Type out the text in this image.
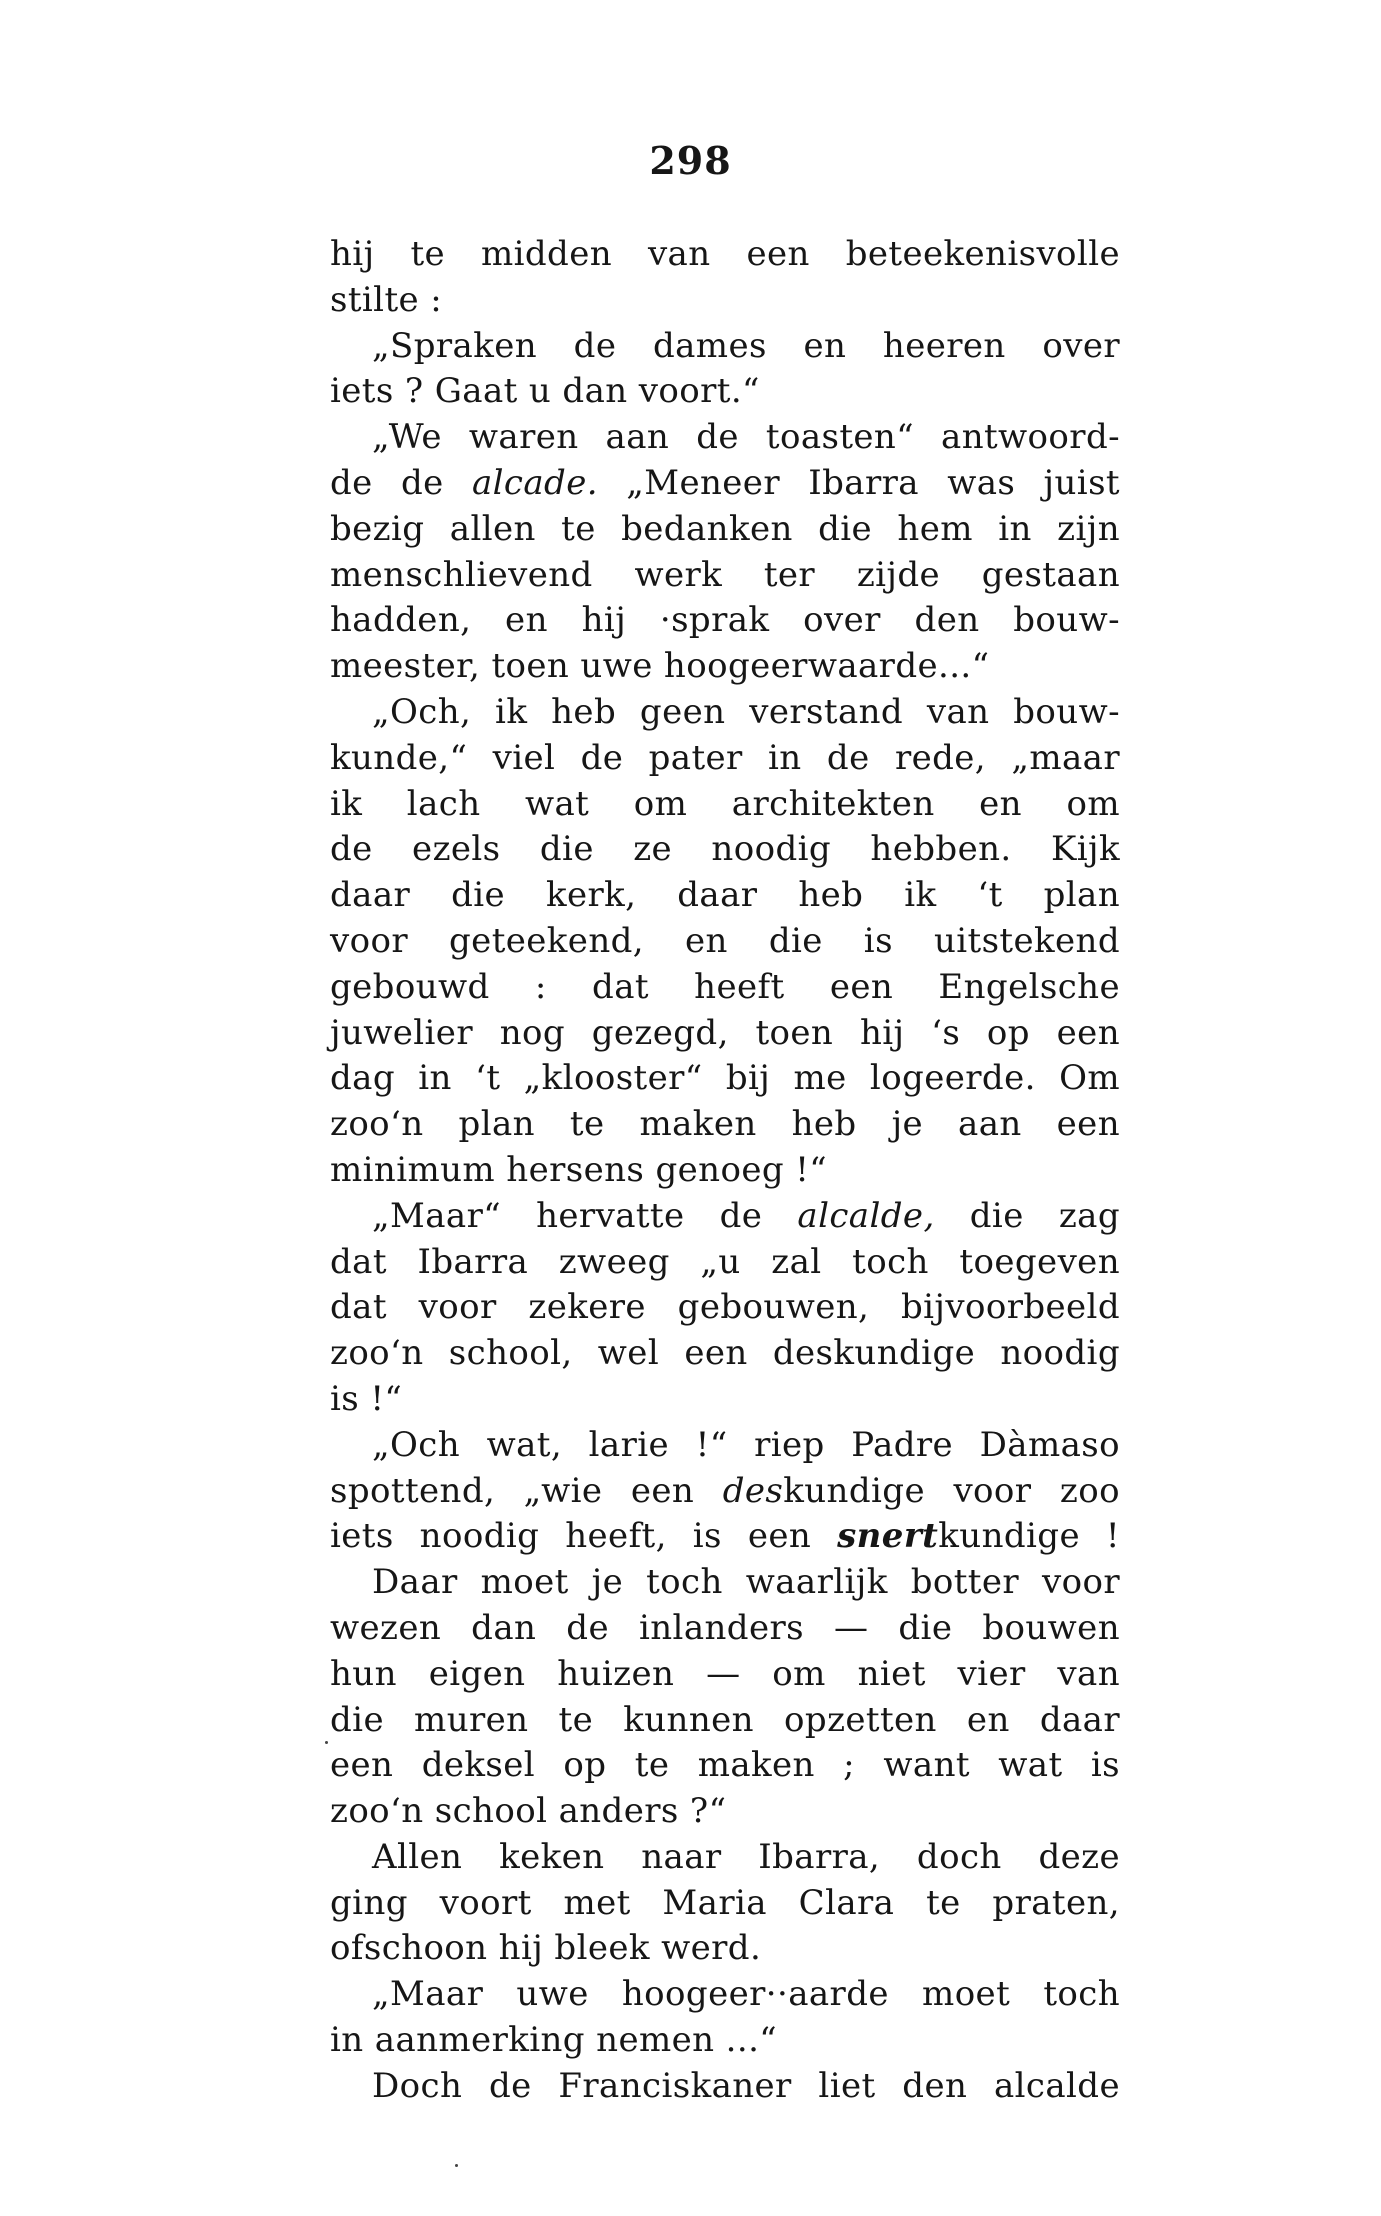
298
hij te midden van een beteekenisvolle
stilte :
„Spraken de dames en heeren over
iets ? Gaat u dan voort.“
„We waren aan de toasten“ antwoord-
de de alcade. „Meneer Ibarra was juist
bezig allen te bedanken die hem in zijn
menschlievend werk ter zijde gestaan
hadden, en hij ·sprak over den bouw-
meester, toen uwe hoogeerwaarde...“
„Och, ik heb geen verstand van bouw-
kunde,“ viel de pater in de rede, „maar
ik lach wat om architekten en om
de ezels die ze noodig hebben. Kijk
daar die kerk, daar heb ik ‘t plan
voor geteekend, en die is uitstekend
gebouwd : dat heeft een Engelsche
juwelier nog gezegd, toen hij ‘s op een
dag in ‘t „klooster“ bij me logeerde. Om
zoo‘n plan te maken heb je aan een
minimum hersens genoeg !“
„Maar“ hervatte de alcalde, die zag
dat Ibarra zweeg „u zal toch toegeven
dat voor zekere gebouwen, bijvoorbeeld
zoo‘n school, wel een deskundige noodig
is !“
„Och wat, larie !“ riep Padre Dàmaso
spottend, „wie een deskundige voor zoo
iets noodig heeft, is een snertkundige !
Daar moet je toch waarlijk botter voor
wezen dan de inlanders — die bouwen
hun eigen huizen — om niet vier van
die muren te kunnen opzetten en daar
een deksel op te maken ; want wat is
zoo‘n school anders ?“
Allen keken naar Ibarra, doch deze
ging voort met Maria Clara te praten,
ofschoon hij bleek werd.
„Maar uwe hoogeer··aarde moet toch
in aanmerking nemen ...“
Doch de Franciskaner liet den alcalde
